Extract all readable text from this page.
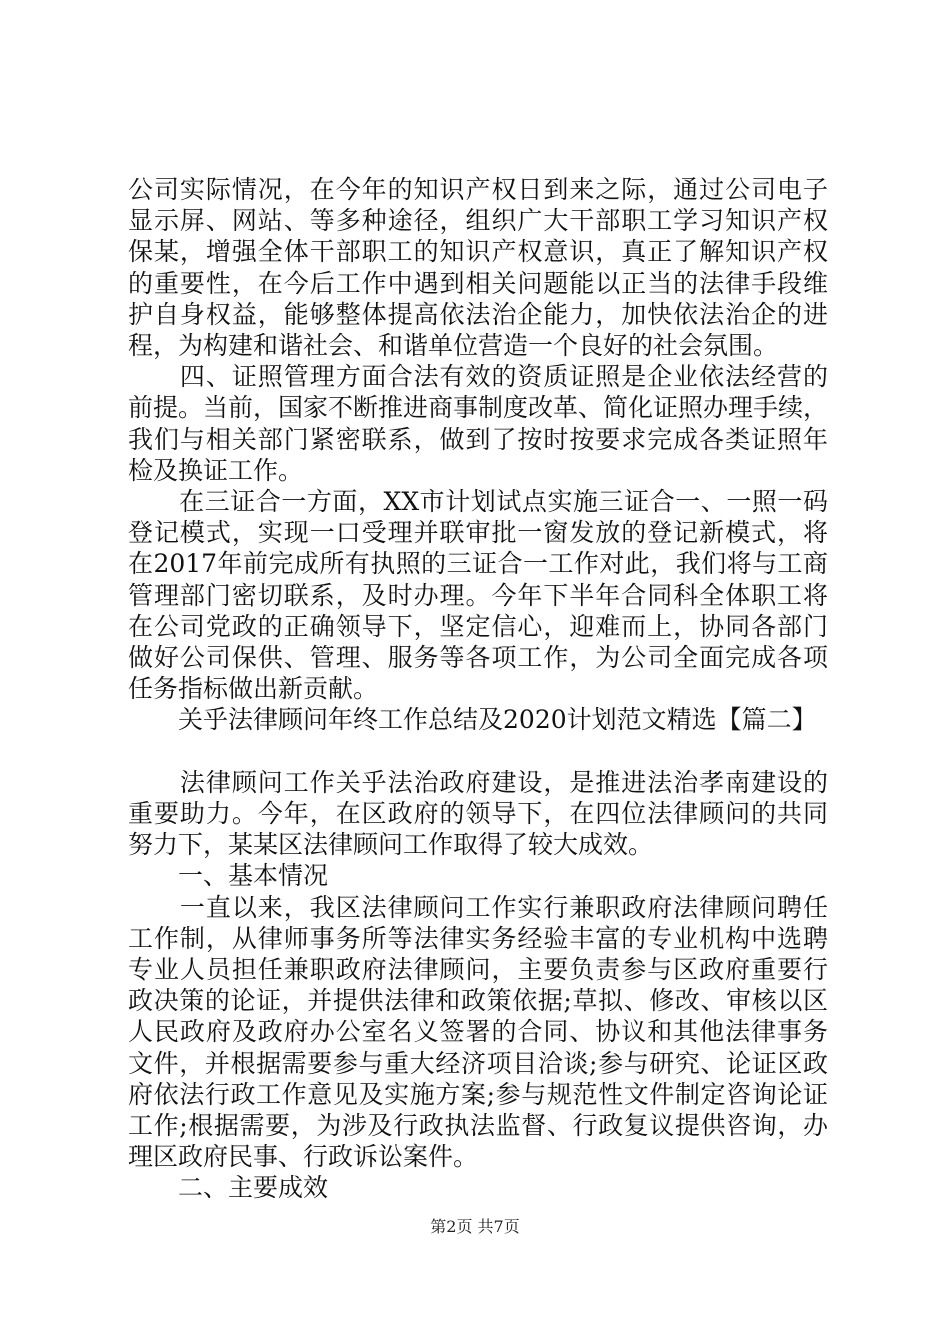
公司实际情况，在今年的知识产权日到来之际，通过公司电子
显示屏、网站、等多种途径，组织广大干部职工学习知识产权
保某，增强全体干部职工的知识产权意识，真正了解知识产权
的重要性，在今后工作中遇到相关问题能以正当的法律手段维
护自身权益，能够整体提高依法治企能力，加快依法治企的进
程，为构建和谐社会、和谐单位营造一个良好的社会氛围。
　　四、证照管理方面合法有效的资质证照是企业依法经营的
前提。当前，国家不断推进商事制度改革、简化证照办理手续，
我们与相关部门紧密联系，做到了按时按要求完成各类证照年
检及换证工作。
　　在三证合一方面，XX市计划试点实施三证合一、一照一码
登记模式，实现一口受理并联审批一窗发放的登记新模式，将
在2017年前完成所有执照的三证合一工作对此，我们将与工商
管理部门密切联系，及时办理。今年下半年合同科全体职工将
在公司党政的正确领导下，坚定信心，迎难而上，协同各部门
做好公司保供、管理、服务等各项工作，为公司全面完成各项
任务指标做出新贡献。
　　关乎法律顾问年终工作总结及2020计划范文精选【篇二】
　　法律顾问工作关乎法治政府建设，是推进法治孝南建设的
重要助力。今年，在区政府的领导下，在四位法律顾问的共同
努力下，某某区法律顾问工作取得了较大成效。
　　一、基本情况
　　一直以来，我区法律顾问工作实行兼职政府法律顾问聘任
工作制，从律师事务所等法律实务经验丰富的专业机构中选聘
专业人员担任兼职政府法律顾问，主要负责参与区政府重要行
政决策的论证，并提供法律和政策依据;草拟、修改、审核以区
人民政府及政府办公室名义签署的合同、协议和其他法律事务
文件，并根据需要参与重大经济项目洽谈;参与研究、论证区政
府依法行政工作意见及实施方案;参与规范性文件制定咨询论证
工作;根据需要，为涉及行政执法监督、行政复议提供咨询，办
理区政府民事、行政诉讼案件。
　　二、主要成效
第2页 共7页
